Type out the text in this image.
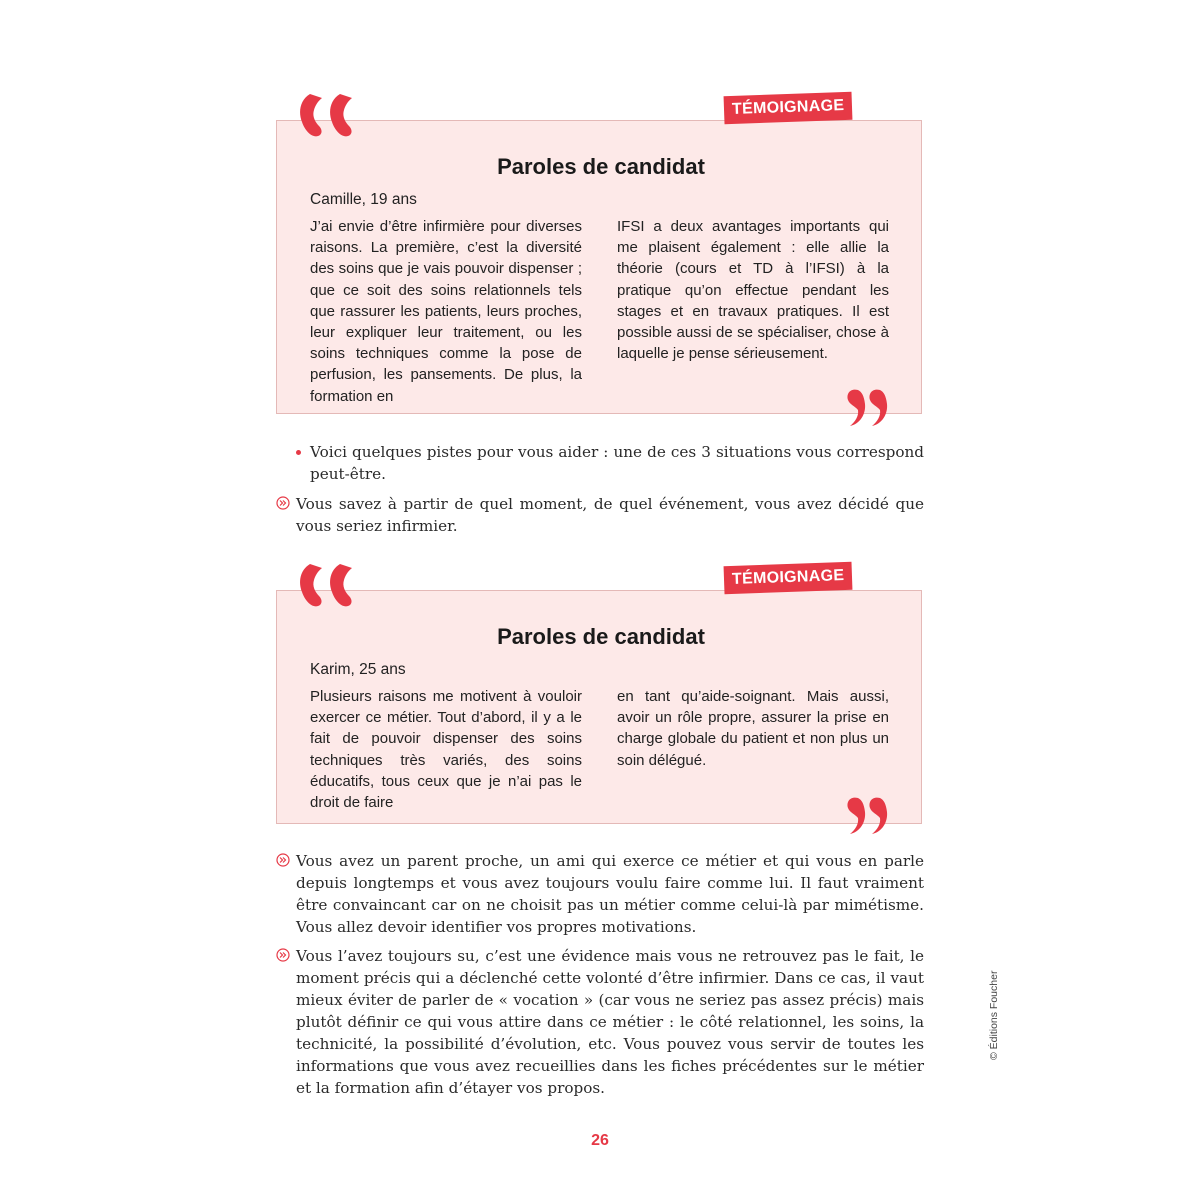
TÉMOIGNAGE
Paroles de candidat
Camille, 19 ans
J’ai envie d’être infirmière pour diverses raisons. La première, c’est la diversité des soins que je vais pouvoir dispenser ; que ce soit des soins relationnels tels que rassurer les patients, leurs proches, leur expliquer leur traitement, ou les soins techniques comme la pose de perfusion, les pansements. De plus, la formation en
IFSI a deux avantages importants qui me plaisent également : elle allie la théorie (cours et TD à l’IFSI) à la pratique qu’on effectue pendant les stages et en travaux pratiques. Il est possible aussi de se spécialiser, chose à laquelle je pense sérieusement.
Voici quelques pistes pour vous aider : une de ces 3 situations vous correspond peut-être.
Vous savez à partir de quel moment, de quel événement, vous avez décidé que vous seriez infirmier.
TÉMOIGNAGE
Paroles de candidat
Karim, 25 ans
Plusieurs raisons me motivent à vouloir exercer ce métier. Tout d’abord, il y a le fait de pouvoir dispenser des soins techniques très variés, des soins éducatifs, tous ceux que je n’ai pas le droit de faire
en tant qu’aide-soignant. Mais aussi, avoir un rôle propre, assurer la prise en charge globale du patient et non plus un soin délégué.
Vous avez un parent proche, un ami qui exerce ce métier et qui vous en parle depuis longtemps et vous avez toujours voulu faire comme lui. Il faut vraiment être convaincant car on ne choisit pas un métier comme celui-là par mimétisme. Vous allez devoir identifier vos propres motivations.
Vous l’avez toujours su, c’est une évidence mais vous ne retrouvez pas le fait, le moment précis qui a déclenché cette volonté d’être infirmier. Dans ce cas, il vaut mieux éviter de parler de « vocation » (car vous ne seriez pas assez précis) mais plutôt définir ce qui vous attire dans ce métier : le côté relationnel, les soins, la technicité, la possibilité d’évolution, etc. Vous pouvez vous servir de toutes les informations que vous avez recueillies dans les fiches précédentes sur le métier et la formation afin d’étayer vos propos.
26
© Éditions Foucher
